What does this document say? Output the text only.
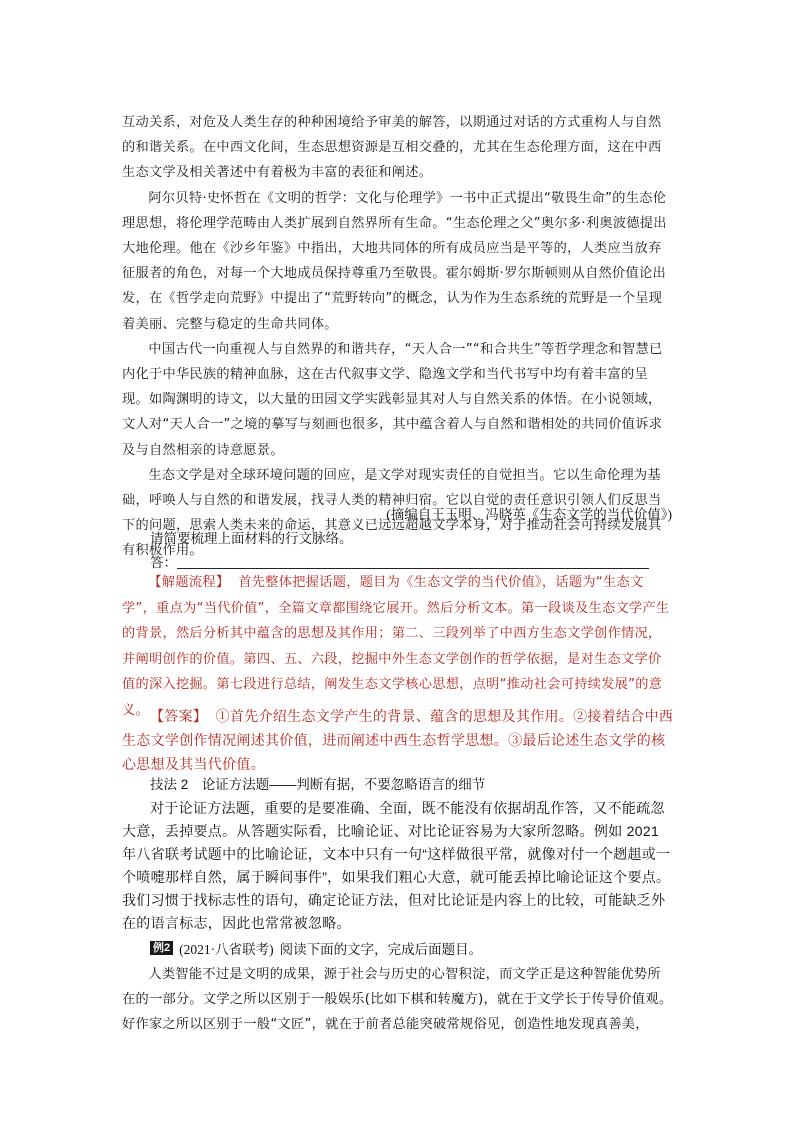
互动关系，对危及人类生存的种种困境给予审美的解答，以期通过对话的方式重构人与自然的和谐关系。在中西文化间，生态思想资源是互相交叠的，尤其在生态伦理方面，这在中西生态文学及相关著述中有着极为丰富的表征和阐述。

阿尔贝特·史怀哲在《文明的哲学：文化与伦理学》一书中正式提出“敬畏生命”的生态伦理思想，将伦理学范畴由人类扩展到自然界所有生命。“生态伦理之父”奥尔多·利奥波德提出大地伦理。他在《沙乡年鉴》中指出，大地共同体的所有成员应当是平等的，人类应当放弃征服者的角色，对每一个大地成员保持尊重乃至敬畏。霍尔姆斯·罗尔斯顿则从自然价值论出发，在《哲学走向荒野》中提出了“荒野转向”的概念，认为作为生态系统的荒野是一个呈现着美丽、完整与稳定的生命共同体。

中国古代一向重视人与自然界的和谐共存，“天人合一”“和合共生”等哲学理念和智慧已内化于中华民族的精神血脉，这在古代叙事文学、隐逸文学和当代书写中均有着丰富的呈现。如陶渊明的诗文，以大量的田园文学实践彰显其对人与自然关系的体悟。在小说领域，文人对“天人合一”之境的摹写与刻画也很多，其中蕴含着人与自然和谐相处的共同价值诉求及与自然相亲的诗意愿景。

生态文学是对全球环境问题的回应，是文学对现实责任的自觉担当。它以生命伦理为基础，呼唤人与自然的和谐发展，找寻人类的精神归宿。它以自觉的责任意识引领人们反思当下的问题，思索人类未来的命运，其意义已远远超越文学本身，对于推动社会可持续发展具有积极作用。

(摘编自王玉明、冯晓英《生态文学的当代价值》)
请简要梳理上面材料的行文脉络。
答：

【解题流程】 首先整体把握话题，题目为《生态文学的当代价值》，话题为“生态文学”，重点为“当代价值”，全篇文章都围绕它展开。然后分析文本。第一段谈及生态文学产生的背景，然后分析其中蕴含的思想及其作用；第二、三段列举了中西方生态文学创作情况，并阐明创作的价值。第四、五、六段，挖掘中外生态文学创作的哲学依据，是对生态文学价值的深入挖掘。第七段进行总结，阐发生态文学核心思想，点明“推动社会可持续发展”的意义。 【答案】 ①首先介绍生态文学产生的背景、蕴含的思想及其作用。②接着结合中西生态文学创作情况阐述其价值，进而阐述中西生态哲学思想。③最后论述生态文学的核心思想及其当代价值。

技法 2　论证方法题——判断有据，不要忽略语言的细节

对于论证方法题，重要的是要准确、全面，既不能没有依据胡乱作答，又不能疏忽大意，丢掉要点。从答题实际看，比喻论证、对比论证容易为大家所忽略。例如 2021 年八省联考试题中的比喻论证，文本中只有一句“这样做很平常，就像对付一个趔趄或一个喷嚏那样自然，属于瞬间事件”，如果我们粗心大意，就可能丢掉比喻论证这个要点。我们习惯于找标志性的语句，确定论证方法，但对比论证是内容上的比较，可能缺乏外在的语言标志，因此也常常被忽略。

例2 (2021·八省联考) 阅读下面的文字，完成后面题目。

人类智能不过是文明的成果，源于社会与历史的心智积淀，而文学正是这种智能优势所在的一部分。文学之所以区别于一般娱乐(比如下棋和转魔方)，就在于文学长于传导价值观。好作家之所以区别于一般“文匠”，就在于前者总能突破常规俗见，创造性地发现真善美，
